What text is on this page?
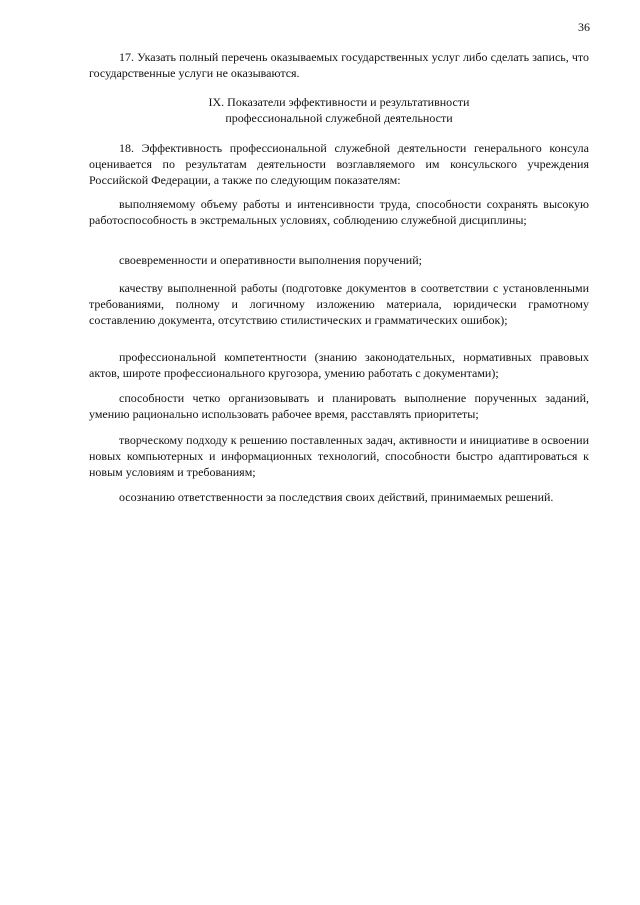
36

17. Указать полный перечень оказываемых государственных услуг либо сделать запись, что государственные услуги не оказываются.

IX. Показатели эффективности и результативности
профессиональной служебной деятельности

18. Эффективность профессиональной служебной деятельности генерального консула оценивается по результатам деятельности возглавляемого им консульского учреждения Российской Федерации, а также по следующим показателям:

выполняемому объему работы и интенсивности труда, способности сохранять высокую работоспособность в экстремальных условиях, соблюдению служебной дисциплины;

своевременности и оперативности выполнения поручений;

качеству выполненной работы (подготовке документов в соответствии с установленными требованиями, полному и логичному изложению материала, юридически грамотному составлению документа, отсутствию стилистических и грамматических ошибок);

профессиональной компетентности (знанию законодательных, нормативных правовых актов, широте профессионального кругозора, умению работать с документами);

способности четко организовывать и планировать выполнение порученных заданий, умению рационально использовать рабочее время, расставлять приоритеты;

творческому подходу к решению поставленных задач, активности и инициативе в освоении новых компьютерных и информационных технологий, способности быстро адаптироваться к новым условиям и требованиям;

осознанию ответственности за последствия своих действий, принимаемых решений.
